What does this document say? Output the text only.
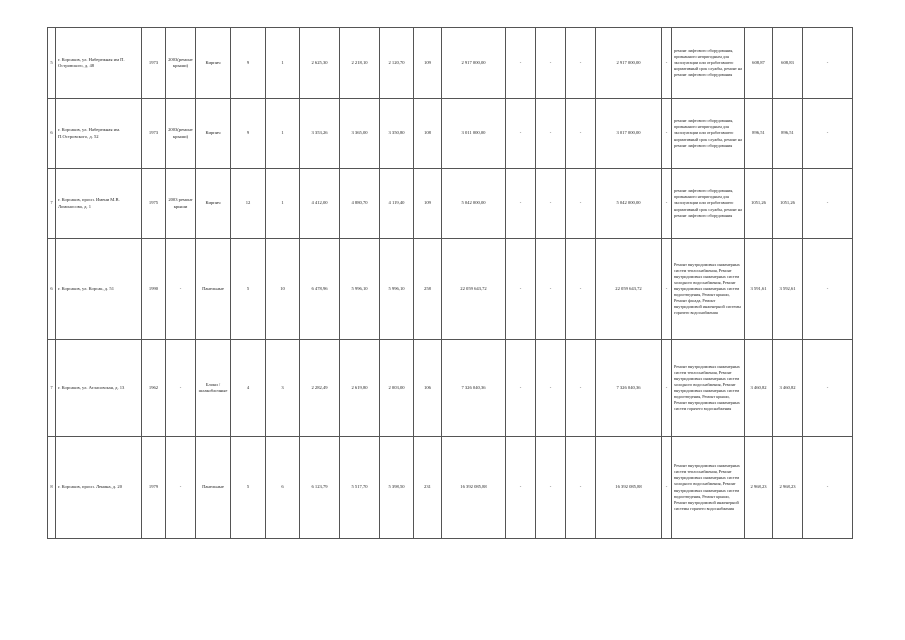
5	г. Корсаков, ул. Набережная им П. Островского, д. 48	1973	2003(ремонт крыши)	Кирпич	9	1	2 625,30	2 218,10	2 120,70	109	2 917 000,00	-	-	-	2 917 000,00	-	ремонт лифтового оборудования, признанного непригодным для эксплуатации или отработавшего нормативный срок службы, ремонт на ремонт лифтового оборудования	608,87	608,83	-
6	г. Корсаков, ул. Набережная им. П.Островского, д. 52	1973	2003(ремонт крыши)	Кирпич	9	1	3 353,26	3 365,00	3 350,80	108	3 011 000,00	-	-	-	3 017 000,00	-	ремонт лифтового оборудования, признанного непригодным для эксплуатации или отработавшего нормативный срок службы, ремонт на ремонт лифтового оборудования	896,51	896,51	-
7	г. Корсаков, просп. Имени М.В. Ломоносова, д. 1	1975	2003 ремонт крыши	Кирпич	12	1	4 412,00	4 880,70	4 119,40	109	5 042 000,00	-	-	-	5 042 000,00	-	ремонт лифтового оборудования, признанного непригодным для эксплуатации или отработавшего нормативный срок службы, ремонт на ремонт лифтового оборудования	1051,26	1051,26	-
6	г. Корсаков, ул. Корсак, д. 51	1990	-	Панельные	5	10	6 478,96	5 996,10	5 996,10	258	22 059 643,72	-	-	-	22 059 643,72	-	Ремонт внутридомовых инженерных систем теплоснабжения, Ремонт внутридомовых инженерных систем холодного водоснабжения, Ремонт внутридомовых инженерных систем водоотведения, Ремонт крыши, Ремонт фасада, Ремонт внутридомовой инженерной системы горячего водоснабжения	3 591,61	3 592,61	-
7	г. Корсаков, ул. Атласовская, д. 13	1962	-	Блоки / шлакоблочные	4	3	2 282,49	2 619,80	2 003,00	106	7 326 040,36	-	-	-	7 326 040,36	-	Ремонт внутридомовых инженерных систем теплоснабжения, Ремонт внутридомовых инженерных систем холодного водоснабжения, Ремонт внутридомовых инженерных систем водоотведения, Ремонт крыши, Ремонт внутридомовых инженерных систем горячего водоснабжения	3 460,82	3 460,82	-
8	г. Корсаков, просп. Ленина, д. 20	1979	-	Панельные	5	6	6 123,79	5 517,70	5 398,50	231	16 392 085,88	-	-	-	16 392 085,88	-	Ремонт внутридомовых инженерных систем теплоснабжения, Ремонт внутридомовых инженерных систем холодного водоснабжения, Ремонт внутридомовых инженерных систем водоотведения, Ремонт крыши, Ремонт внутридомовой инженерной системы горячего водоснабжения	2 968,23	2 968,23	-
